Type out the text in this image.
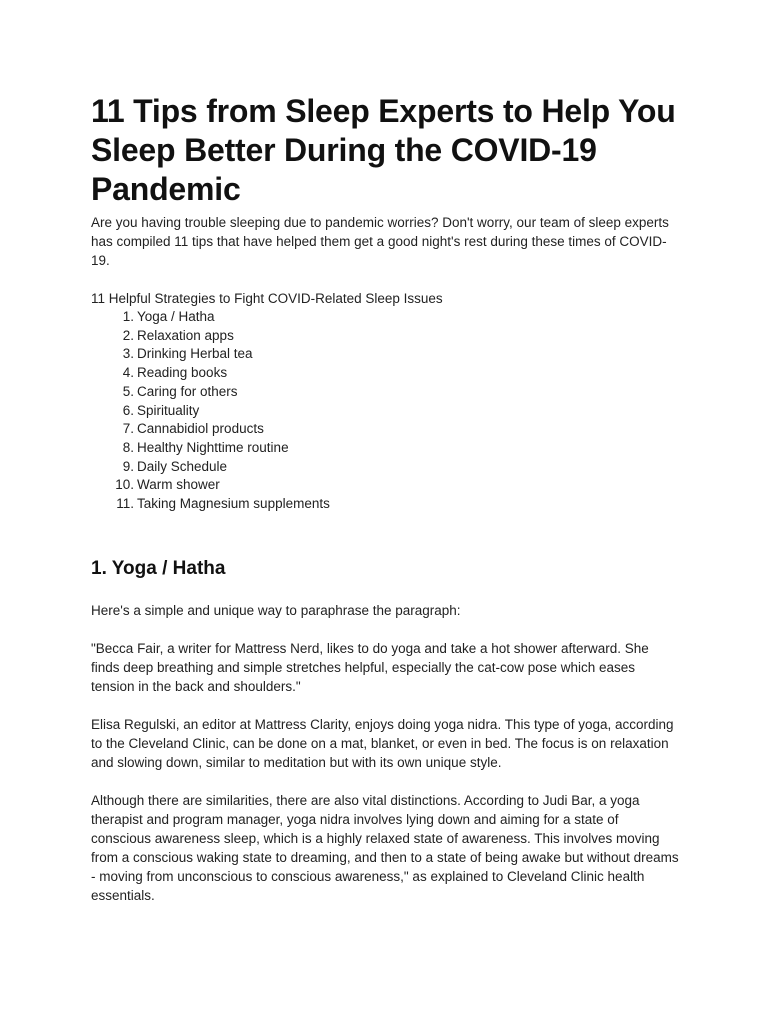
11 Tips from Sleep Experts to Help You Sleep Better During the COVID-19 Pandemic

Are you having trouble sleeping due to pandemic worries? Don't worry, our team of sleep experts has compiled 11 tips that have helped them get a good night's rest during these times of COVID-19.

11 Helpful Strategies to Fight COVID-Related Sleep Issues

1. Yoga / Hatha
2. Relaxation apps
3. Drinking Herbal tea
4. Reading books
5. Caring for others
6. Spirituality
7. Cannabidiol products
8. Healthy Nighttime routine
9. Daily Schedule
10. Warm shower
11. Taking Magnesium supplements
1. Yoga / Hatha

Here's a simple and unique way to paraphrase the paragraph:

"Becca Fair, a writer for Mattress Nerd, likes to do yoga and take a hot shower afterward. She finds deep breathing and simple stretches helpful, especially the cat-cow pose which eases tension in the back and shoulders."

Elisa Regulski, an editor at Mattress Clarity, enjoys doing yoga nidra. This type of yoga, according to the Cleveland Clinic, can be done on a mat, blanket, or even in bed. The focus is on relaxation and slowing down, similar to meditation but with its own unique style.

Although there are similarities, there are also vital distinctions. According to Judi Bar, a yoga therapist and program manager, yoga nidra involves lying down and aiming for a state of conscious awareness sleep, which is a highly relaxed state of awareness. This involves moving from a conscious waking state to dreaming, and then to a state of being awake but without dreams - moving from unconscious to conscious awareness," as explained to Cleveland Clinic health essentials.
